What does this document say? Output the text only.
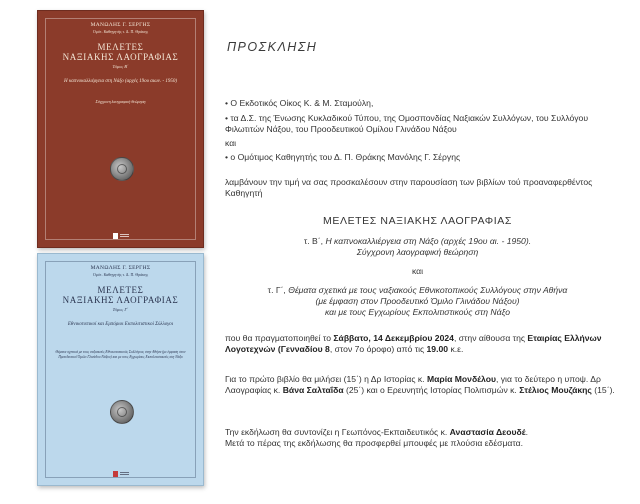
ΜΑΝΩΛΗΣ Γ. ΣΕΡΓΗΣ
Ομότ. Καθηγητής τ. Δ. Π. Θράκης
ΜΕΛΕΤΕΣ
ΝΑΞΙΑΚΗΣ ΛΑΟΓΡΑΦΙΑΣ
Τόμος Β΄
Η καπνοκαλλιέργεια στη Νάξο (αρχές 19ου αιων. - 1950)
Σύγχρονη λαογραφική θεώρηση
ΜΑΝΩΛΗΣ Γ. ΣΕΡΓΗΣ
Ομότ. Καθηγητής τ. Δ. Π. Θράκης
ΜΕΛΕΤΕΣ
ΝΑΞΙΑΚΗΣ ΛΑΟΓΡΑΦΙΑΣ
Τόμος Γ΄
Εθνικοτοπικοί και Εμπόριοι Εκπολιτιστικοί Σύλλογοι
Θέματα σχετικά με τους ναξιακούς Εθνικοτοπικούς Συλλόγους στην Αθήνα (με έμφαση στον Προοδευτικό Όμιλο Γλινάδου Νάξου) και με τους Εγχωρίους Εκπολιτιστικούς στη Νάξο
ΠΡΟΣΚΛΗΣΗ
• Ο Εκδοτικός Οίκος Κ. & Μ. Σταμούλη,
• τα Δ.Σ. της Ένωσης Κυκλαδικού Τύπου, της Ομοσπονδίας Ναξιακών Συλλόγων, του Συλλόγου Φιλωτιτών Νάξου, του Προοδευτικού Ομίλου Γλινάδου Νάξου
και
• ο Ομότιμος Καθηγητής του Δ. Π. Θράκης Μανόλης Γ. Σέργης
λαμβάνουν την τιμή να σας προσκαλέσουν στην παρουσίαση των βιβλίων τού προαναφερθέντος Καθηγητή
ΜΕΛΕΤΕΣ ΝΑΞΙΑΚΗΣ ΛΑΟΓΡΑΦΙΑΣ
τ. Β΄, Η καπνοκαλλιέργεια στη Νάξο (αρχές 19ου αι. - 1950).
Σύγχρονη λαογραφική θεώρηση
και
τ. Γ΄, Θέματα σχετικά με τους ναξιακούς Εθνικοτοπικούς Συλλόγους στην Αθήνα
(με έμφαση στον Προοδευτικό Όμιλο Γλινάδου Νάξου)
και με τους Εγχωρίους Εκπολιτιστικούς στη Νάξο
που θα πραγματοποιηθεί το Σάββατο, 14 Δεκεμβρίου 2024, στην αίθουσα της Εταιρίας Ελλήνων Λογοτεχνών (Γενναδίου 8, στον 7ο όροφο) από τις 19.00 κ.ε.
Για το πρώτο βιβλίο θα μιλήσει (15΄) η Δρ Ιστορίας κ. Μαρία Μονδέλου, για το δεύτερο η υποψ. Δρ Λαογραφίας κ. Βάνα Σαλταΐδα (25΄) και ο Ερευνητής Ιστορίας Πολιτισμών κ. Στέλιος Μουζάκης (15΄).
Την εκδήλωση θα συντονίζει η Γεωπόνος-Εκπαιδευτικός κ. Αναστασία Δεουδέ.
Μετά το πέρας της εκδήλωσης θα προσφερθεί μπουφές με πλούσια εδέσματα.
